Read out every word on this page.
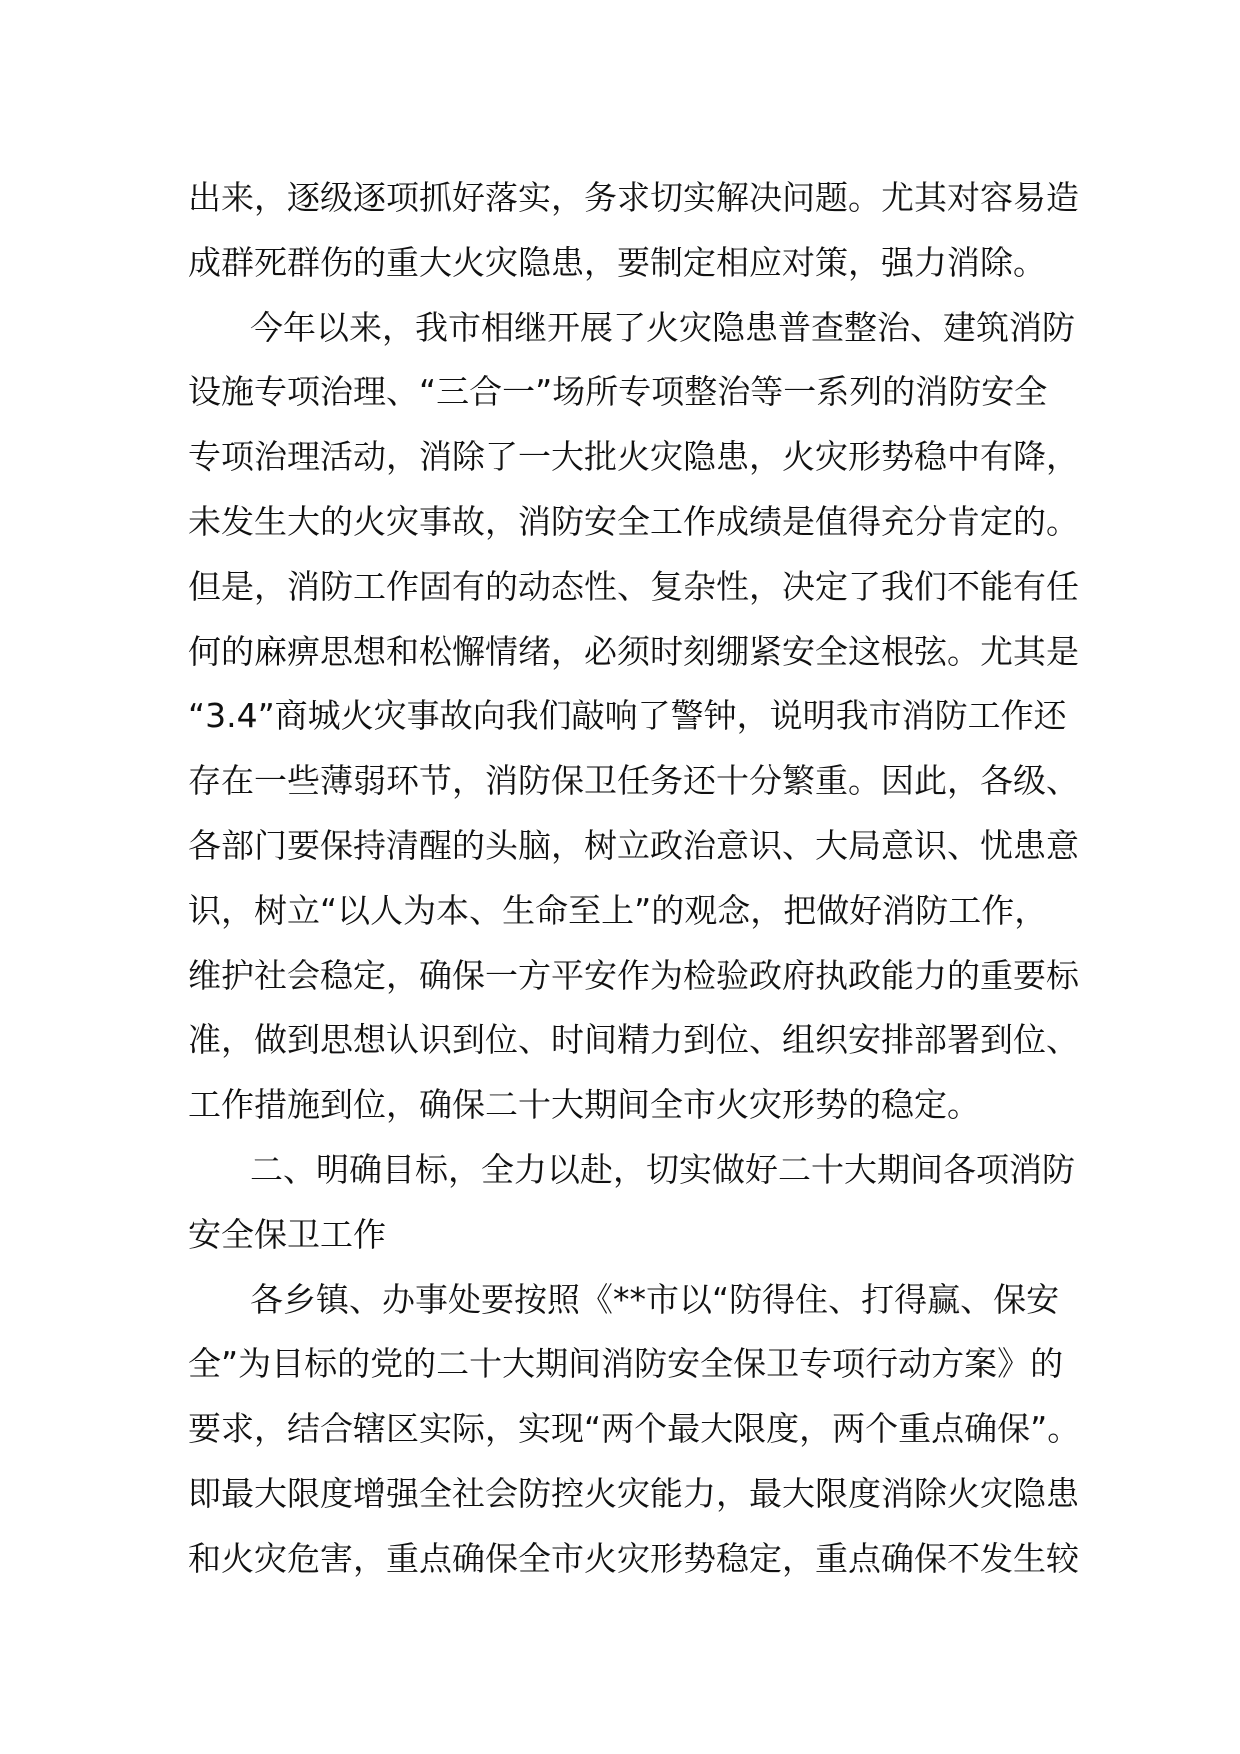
出来，逐级逐项抓好落实，务求切实解决问题。尤其对容易造
成群死群伤的重大火灾隐患，要制定相应对策，强力消除。
今年以来，我市相继开展了火灾隐患普查整治、建筑消防
设施专项治理、“三合一”场所专项整治等一系列的消防安全
专项治理活动，消除了一大批火灾隐患，火灾形势稳中有降，
未发生大的火灾事故，消防安全工作成绩是值得充分肯定的。
但是，消防工作固有的动态性、复杂性，决定了我们不能有任
何的麻痹思想和松懈情绪，必须时刻绷紧安全这根弦。尤其是
“3.4”商城火灾事故向我们敲响了警钟，说明我市消防工作还
存在一些薄弱环节，消防保卫任务还十分繁重。因此，各级、
各部门要保持清醒的头脑，树立政治意识、大局意识、忧患意
识，树立“以人为本、生命至上”的观念，把做好消防工作，
维护社会稳定，确保一方平安作为检验政府执政能力的重要标
准，做到思想认识到位、时间精力到位、组织安排部署到位、
工作措施到位，确保二十大期间全市火灾形势的稳定。
二、明确目标，全力以赴，切实做好二十大期间各项消防
安全保卫工作
各乡镇、办事处要按照《**市以“防得住、打得赢、保安
全”为目标的党的二十大期间消防安全保卫专项行动方案》的
要求，结合辖区实际，实现“两个最大限度，两个重点确保”。
即最大限度增强全社会防控火灾能力，最大限度消除火灾隐患
和火灾危害，重点确保全市火灾形势稳定，重点确保不发生较
